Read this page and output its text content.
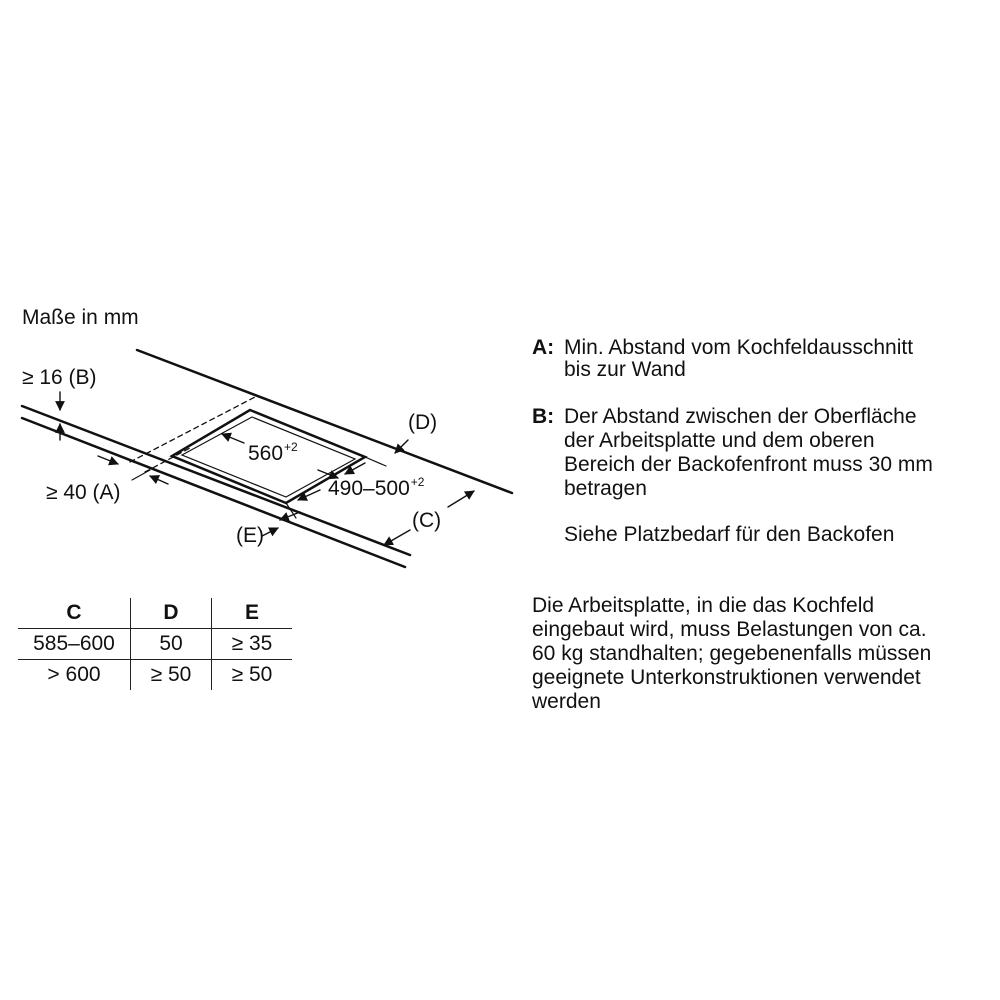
Maße in mm
≥ 16 (B)
≥ 40 (A)
$560^{+2}$
$490-500^{+2}$
(D)
(C)
(E)
C	D	E
585–600	50	≥ 35
> 600	≥ 50	≥ 50
A: Min. Abstand vom Kochfeldausschnitt
bis zur Wand
B: Der Abstand zwischen der Oberfläche
der Arbeitsplatte und dem oberen
Bereich der Backofenfront muss 30 mm
betragen
Siehe Platzbedarf für den Backofen
Die Arbeitsplatte, in die das Kochfeld
eingebaut wird, muss Belastungen von ca.
60 kg standhalten; gegebenenfalls müssen
geeignete Unterkonstruktionen verwendet
werden
